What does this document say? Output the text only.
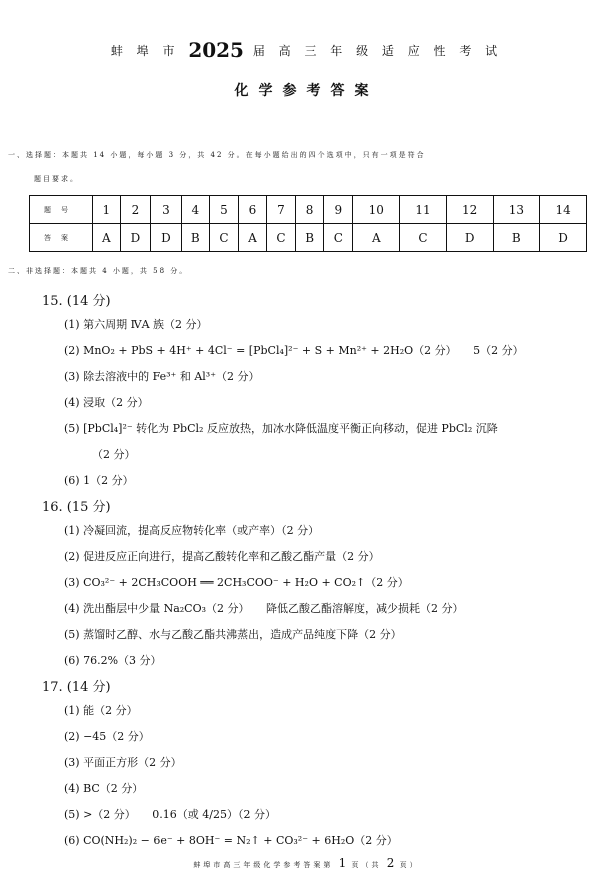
蚌 埠 市 2025 届 高 三 年 级 适 应 性 考 试
化学参考答案
一、选择题：本题共 14 小题，每小题 3 分，共 42 分。在每小题给出的四个选项中，只有一项是符合
题目要求。
题号	1	2	3	4	5	6	7	8	9	10	11	12	13	14
答案	A	D	D	B	C	A	C	B	C	A	C	D	B	D
二、非选择题：本题共 4 小题，共 58 分。
15. (14 分)
(1) 第六周期 ⅣA 族（2 分）
(2) MnO₂ + PbS + 4H⁺ + 4Cl⁻ = [PbCl₄]²⁻ + S + Mn²⁺ + 2H₂O（2 分）　　5（2 分）
(3) 除去溶液中的 Fe³⁺ 和 Al³⁺（2 分）
(4) 浸取（2 分）
(5) [PbCl₄]²⁻ 转化为 PbCl₂ 反应放热，加冰水降低温度平衡正向移动，促进 PbCl₂ 沉降
（2 分）
(6) 1（2 分）
16. (15 分)
(1) 冷凝回流，提高反应物转化率（或产率）（2 分）
(2) 促进反应正向进行，提高乙酸转化率和乙酸乙酯产量（2 分）
(3) CO₃²⁻ + 2CH₃COOH ══ 2CH₃COO⁻ + H₂O + CO₂↑（2 分）
(4) 洗出酯层中少量 Na₂CO₃（2 分）　　降低乙酸乙酯溶解度，减少损耗（2 分）
(5) 蒸馏时乙醇、水与乙酸乙酯共沸蒸出，造成产品纯度下降（2 分）
(6) 76.2%（3 分）
17. (14 分)
(1) 能（2 分）
(2) −45（2 分）
(3) 平面正方形（2 分）
(4) BC（2 分）
(5) >（2 分）　　0.16（或 4/25）（2 分）
(6) CO(NH₂)₂ − 6e⁻ + 8OH⁻ = N₂↑ + CO₃²⁻ + 6H₂O（2 分）
蚌埠市高三年级化学参考答案第 1 页（共 2 页）
